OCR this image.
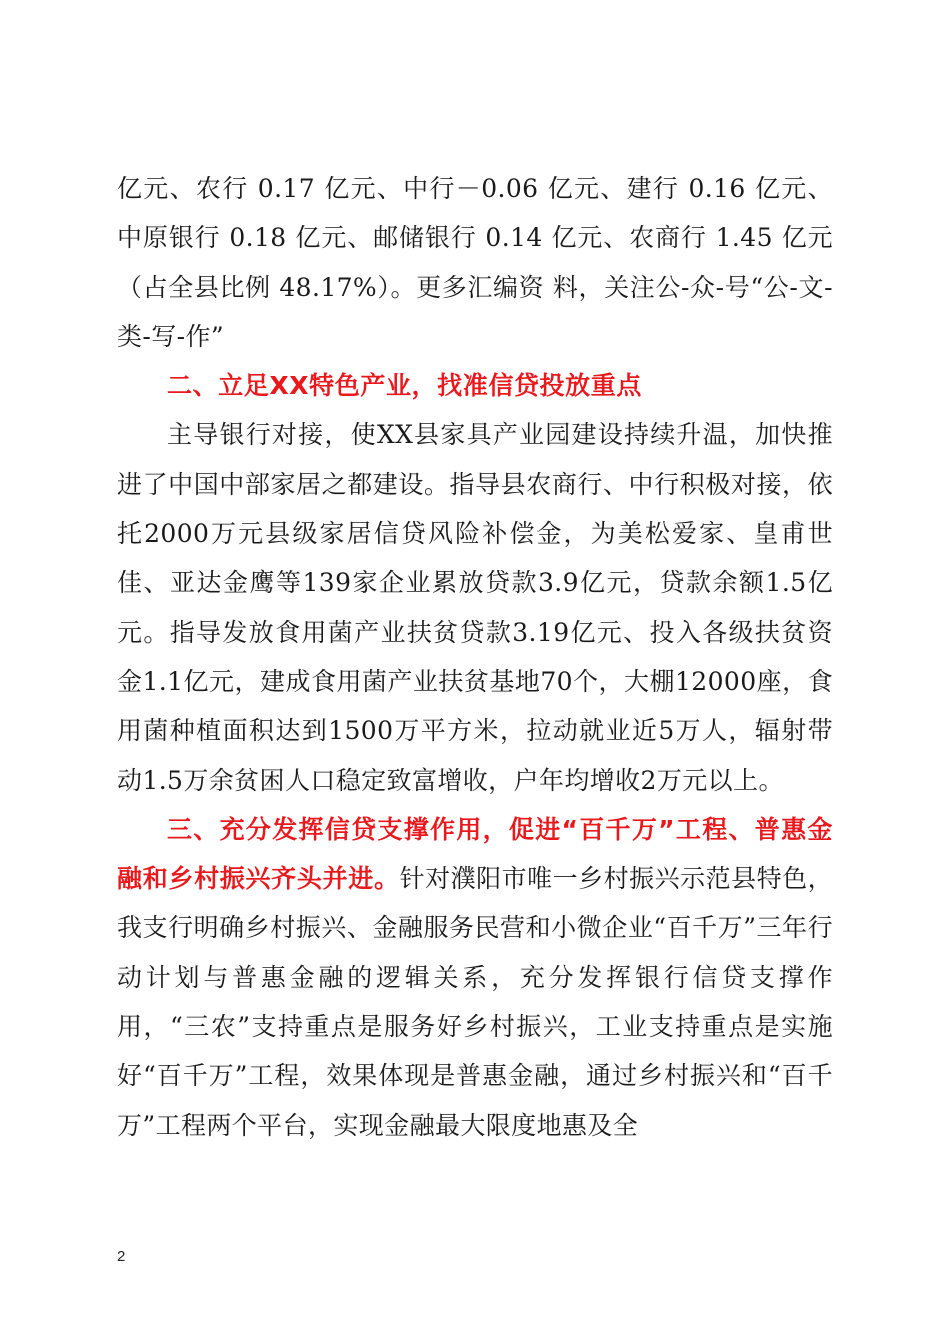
亿元、农行 0.17 亿元、中行－0.06 亿元、建行 0.16 亿元、中原银行 0.18 亿元、邮储银行 0.14 亿元、农商行 1.45 亿元（占全县比例 48.17%）。更多汇编资 料，关注公-众-号“公-文-类-写-作”

二、立足XX特色产业，找准信贷投放重点

主导银行对接，使XX县家具产业园建设持续升温，加快推进了中国中部家居之都建设。指导县农商行、中行积极对接，依托2000万元县级家居信贷风险补偿金，为美松爱家、皇甫世佳、亚达金鹰等139家企业累放贷款3.9亿元，贷款余额1.5亿元。指导发放食用菌产业扶贫贷款3.19亿元、投入各级扶贫资金1.1亿元，建成食用菌产业扶贫基地70个，大棚12000座，食用菌种植面积达到1500万平方米，拉动就业近5万人，辐射带动1.5万余贫困人口稳定致富增收，户年均增收2万元以上。

三、充分发挥信贷支撑作用，促进“百千万”工程、普惠金融和乡村振兴齐头并进。针对濮阳市唯一乡村振兴示范县特色，我支行明确乡村振兴、金融服务民营和小微企业“百千万”三年行动计划与普惠金融的逻辑关系，充分发挥银行信贷支撑作用，“三农”支持重点是服务好乡村振兴，工业支持重点是实施好“百千万”工程，效果体现是普惠金融，通过乡村振兴和“百千万”工程两个平台，实现金融最大限度地惠及全

2
